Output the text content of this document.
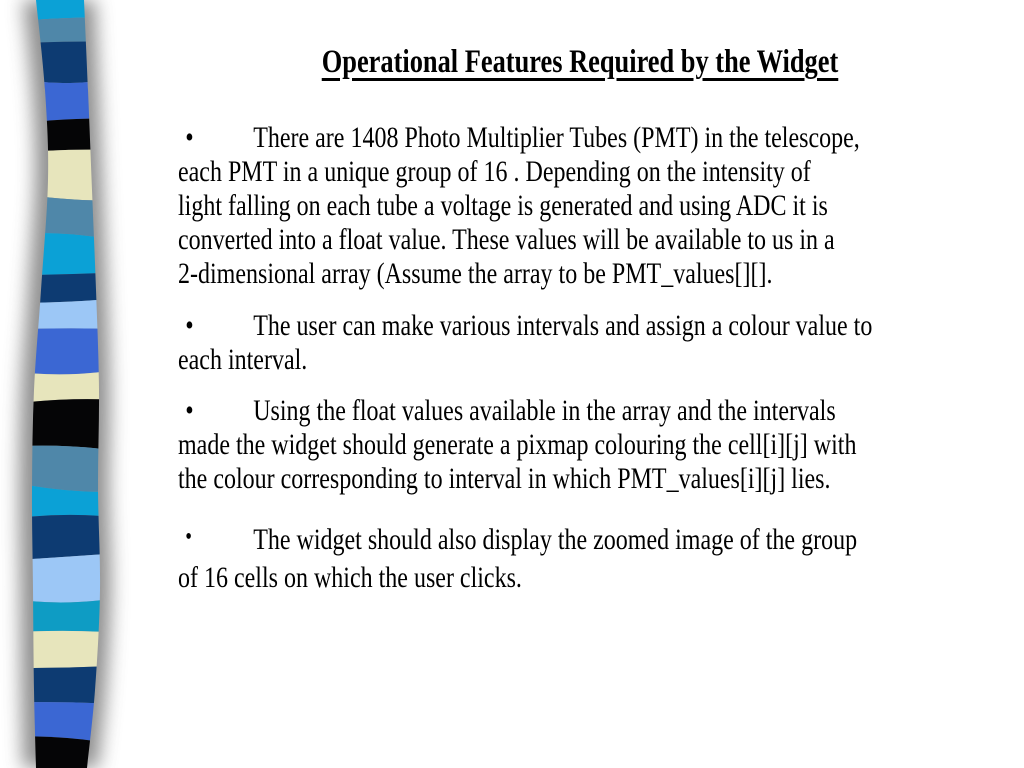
Operational Features Required by the Widget
• There are 1408 Photo Multiplier Tubes (PMT) in the telescope,
each PMT in a unique group of 16 . Depending on the intensity of
light falling on each tube a voltage is generated and using ADC it is
converted into a float value. These values will be available to us in a
2-dimensional array (Assume the array to be PMT_values[][].
• The user can make various intervals and assign a colour value to
each interval.
• Using the float values available in the array and the intervals
made the widget should generate a pixmap colouring the cell[i][j] with
the colour corresponding to interval in which PMT_values[i][j] lies.
• The widget should also display the zoomed image of the group
of 16 cells on which the user clicks.
